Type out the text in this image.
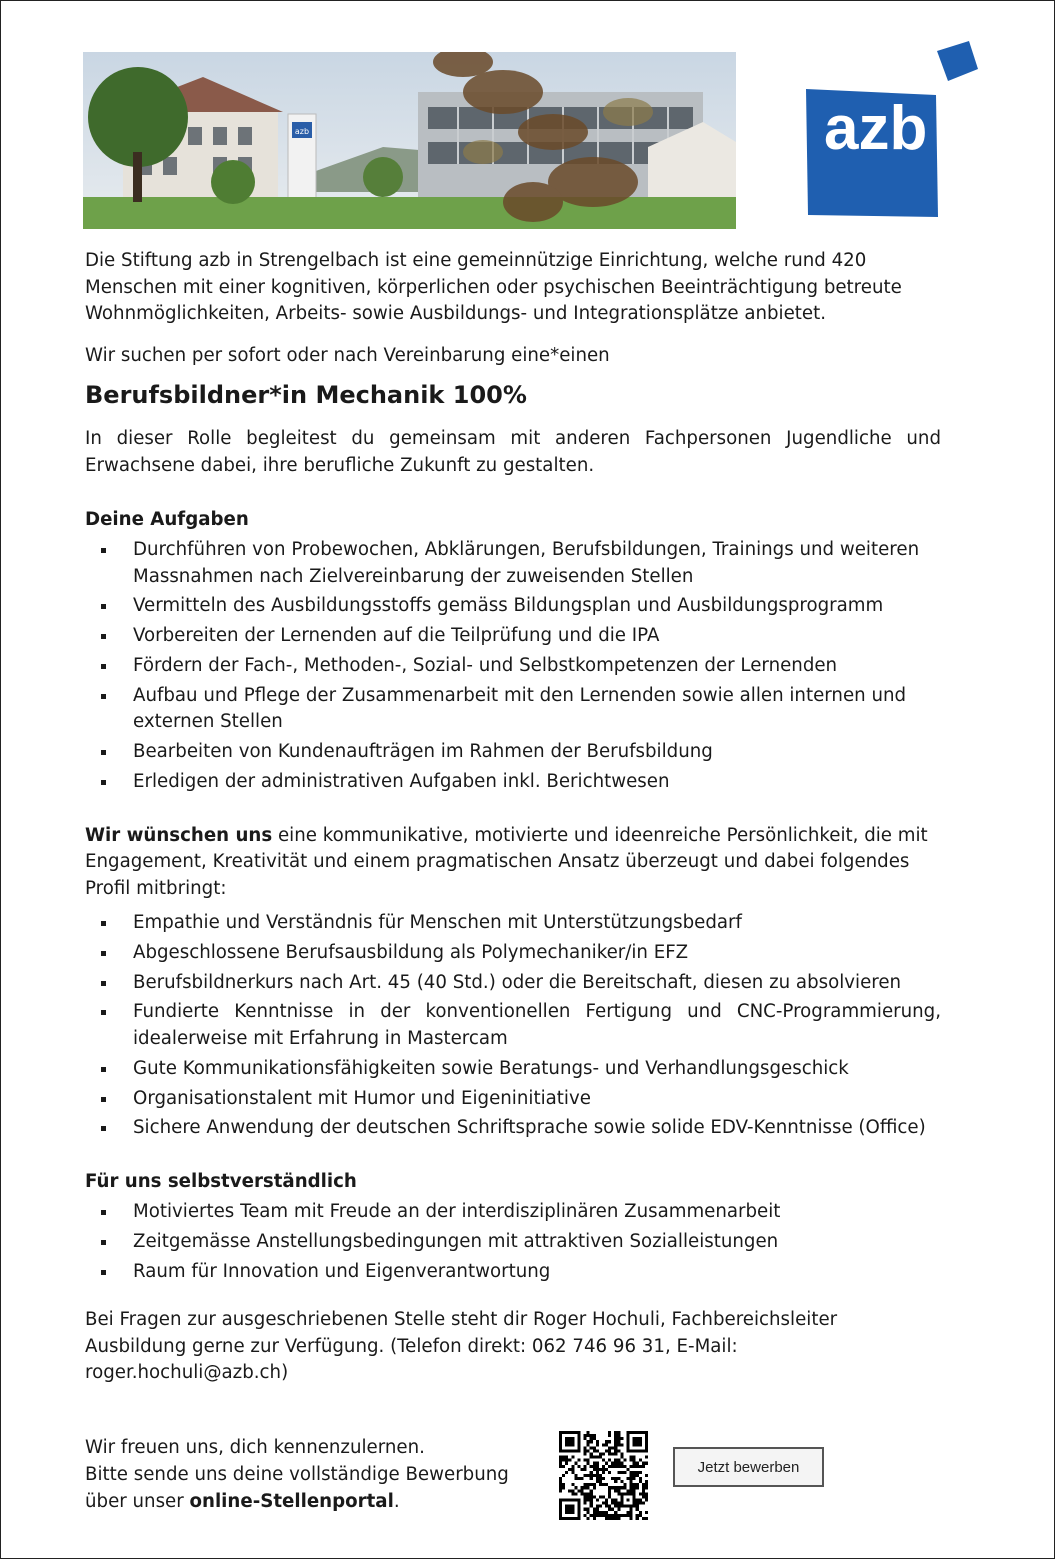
azb	azb

Die Stiftung azb in Strengelbach ist eine gemeinnützige Einrichtung, welche rund 420 Menschen mit einer kognitiven, körperlichen oder psychischen Beeinträchtigung betreute Wohnmöglichkeiten, Arbeits- sowie Ausbildungs- und Integrationsplätze anbietet.

Wir suchen per sofort oder nach Vereinbarung eine*einen

Berufsbildner*in Mechanik 100%

In dieser Rolle begleitest du gemeinsam mit anderen Fachpersonen Jugendliche und Erwachsene dabei, ihre berufliche Zukunft zu gestalten.

Deine Aufgaben
Durchführen von Probewochen, Abklärungen, Berufsbildungen, Trainings und weiteren Massnahmen nach Zielvereinbarung der zuweisenden Stellen
Vermitteln des Ausbildungsstoffs gemäss Bildungsplan und Ausbildungsprogramm
Vorbereiten der Lernenden auf die Teilprüfung und die IPA
Fördern der Fach-, Methoden-, Sozial- und Selbstkompetenzen der Lernenden
Aufbau und Pflege der Zusammenarbeit mit den Lernenden sowie allen internen und externen Stellen
Bearbeiten von Kundenaufträgen im Rahmen der Berufsbildung
Erledigen der administrativen Aufgaben inkl. Berichtwesen

Wir wünschen uns eine kommunikative, motivierte und ideenreiche Persönlichkeit, die mit Engagement, Kreativität und einem pragmatischen Ansatz überzeugt und dabei folgendes Profil mitbringt:

Empathie und Verständnis für Menschen mit Unterstützungsbedarf
Abgeschlossene Berufsausbildung als Polymechaniker/in EFZ
Berufsbildnerkurs nach Art. 45 (40 Std.) oder die Bereitschaft, diesen zu absolvieren
Fundierte Kenntnisse in der konventionellen Fertigung und CNC-Programmierung, idealerweise mit Erfahrung in Mastercam
Gute Kommunikationsfähigkeiten sowie Beratungs- und Verhandlungsgeschick
Organisationstalent mit Humor und Eigeninitiative
Sichere Anwendung der deutschen Schriftsprache sowie solide EDV-Kenntnisse (Office)
Für uns selbstverständlich
Motiviertes Team mit Freude an der interdisziplinären Zusammenarbeit
Zeitgemässe Anstellungsbedingungen mit attraktiven Sozialleistungen
Raum für Innovation und Eigenverantwortung

Bei Fragen zur ausgeschriebenen Stelle steht dir Roger Hochuli, Fachbereichsleiter Ausbildung gerne zur Verfügung. (Telefon direkt: 062 746 96 31, E-Mail: roger.hochuli@azb.ch)

Wir freuen uns, dich kennenzulernen.
Bitte sende uns deine vollständige Bewerbung
über unser online-Stellenportal.
Jetzt bewerben
